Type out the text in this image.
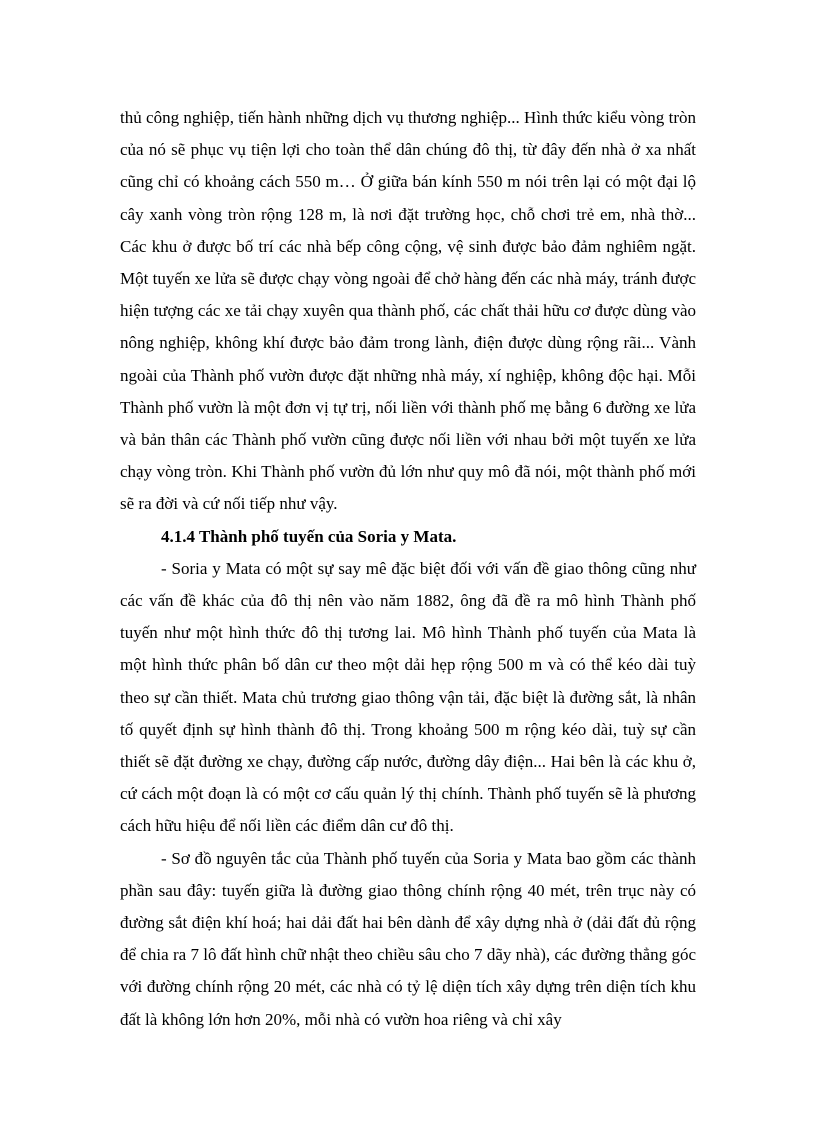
thủ công nghiệp, tiến hành những dịch vụ thương nghiệp... Hình thức kiểu vòng tròn của nó sẽ phục vụ tiện lợi cho toàn thể dân chúng đô thị, từ đây đến nhà ở xa nhất cũng chỉ có khoảng cách 550 m… Ở giữa bán kính 550 m nói trên lại có một đại lộ cây xanh vòng tròn rộng 128 m, là nơi đặt trường học, chỗ chơi trẻ em, nhà thờ... Các khu ở được bố trí các nhà bếp công cộng, vệ sinh được bảo đảm nghiêm ngặt. Một tuyến xe lửa sẽ được chạy vòng ngoài để chở hàng đến các nhà máy, tránh được hiện tượng các xe tải chạy xuyên qua thành phố, các chất thải hữu cơ được dùng vào nông nghiệp, không khí được bảo đảm trong lành, điện được dùng rộng rãi... Vành ngoài của Thành phố vườn được đặt những nhà máy, xí nghiệp, không độc hại. Mỗi Thành phố vườn là một đơn vị tự trị, nối liền với thành phố mẹ bằng 6 đường xe lửa và bản thân các Thành phố vườn cũng được nối liền với nhau bởi một tuyến xe lửa chạy vòng tròn. Khi Thành phố vườn đủ lớn như quy mô đã nói, một thành phố mới sẽ ra đời và cứ nối tiếp như vậy.

4.1.4 Thành phố tuyến của Soria y Mata.

- Soria y Mata có một sự say mê đặc biệt đối với vấn đề giao thông cũng như các vấn đề khác của đô thị nên vào năm 1882, ông đã đề ra mô hình Thành phố tuyến như một hình thức đô thị tương lai. Mô hình Thành phố tuyến của Mata là một hình thức phân bố dân cư theo một dải hẹp rộng 500 m và có thể kéo dài tuỳ theo sự cần thiết. Mata chủ trương giao thông vận tải, đặc biệt là đường sắt, là nhân tố quyết định sự hình thành đô thị. Trong khoảng 500 m rộng kéo dài, tuỳ sự cần thiết sẽ đặt đường xe chạy, đường cấp nước, đường dây điện... Hai bên là các khu ở, cứ cách một đoạn là có một cơ cấu quản lý thị chính. Thành phố tuyến sẽ là phương cách hữu hiệu để nối liền các điểm dân cư đô thị.

- Sơ đồ nguyên tắc của Thành phố tuyến của Soria y Mata bao gồm các thành phần sau đây: tuyến giữa là đường giao thông chính rộng 40 mét, trên trục này có đường sắt điện khí hoá; hai dải đất hai bên dành để xây dựng nhà ở (dải đất đủ rộng để chia ra 7 lô đất hình chữ nhật theo chiều sâu cho 7 dãy nhà), các đường thẳng góc với đường chính rộng 20 mét, các nhà có tỷ lệ diện tích xây dựng trên diện tích khu đất là không lớn hơn 20%, mỗi nhà có vườn hoa riêng và chỉ xây
